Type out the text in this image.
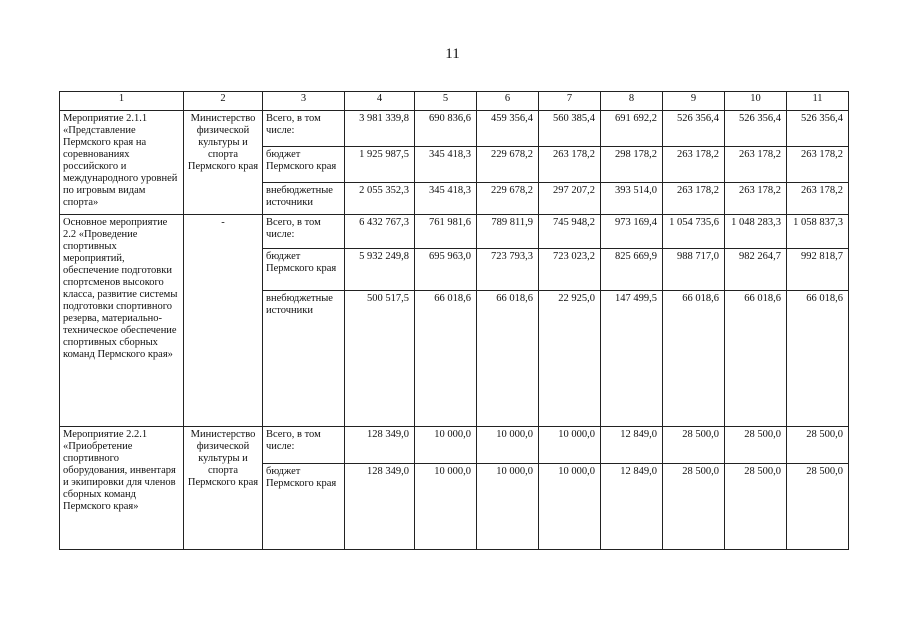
11
1	2	3	4	5	6	7	8	9	10	11
Мероприятие 2.1.1 «Представление Пермского края на соревнованиях российского и международного уровней по игровым видам спорта»	Министерство физической культуры и спорта Пермского края	Всего, в том числе:	3 981 339,8	690 836,6	459 356,4	560 385,4	691 692,2	526 356,4	526 356,4	526 356,4
		бюджет Пермского края	1 925 987,5	345 418,3	229 678,2	263 178,2	298 178,2	263 178,2	263 178,2	263 178,2
		внебюджетные источники	2 055 352,3	345 418,3	229 678,2	297 207,2	393 514,0	263 178,2	263 178,2	263 178,2
Основное мероприятие 2.2 «Проведение спортивных мероприятий, обеспечение подготовки спортсменов высокого класса, развитие системы подготовки спортивного резерва, материально-техническое обеспечение спортивных сборных команд Пермского края»	-	Всего, в том числе:	6 432 767,3	761 981,6	789 811,9	745 948,2	973 169,4	1 054 735,6	1 048 283,3	1 058 837,3
		бюджет Пермского края	5 932 249,8	695 963,0	723 793,3	723 023,2	825 669,9	988 717,0	982 264,7	992 818,7
		внебюджетные источники	500 517,5	66 018,6	66 018,6	22 925,0	147 499,5	66 018,6	66 018,6	66 018,6
Мероприятие 2.2.1 «Приобретение спортивного оборудования, инвентаря и экипировки для членов сборных команд Пермского края»	Министерство физической культуры и спорта Пермского края	Всего, в том числе:	128 349,0	10 000,0	10 000,0	10 000,0	12 849,0	28 500,0	28 500,0	28 500,0
		бюджет Пермского края	128 349,0	10 000,0	10 000,0	10 000,0	12 849,0	28 500,0	28 500,0	28 500,0
